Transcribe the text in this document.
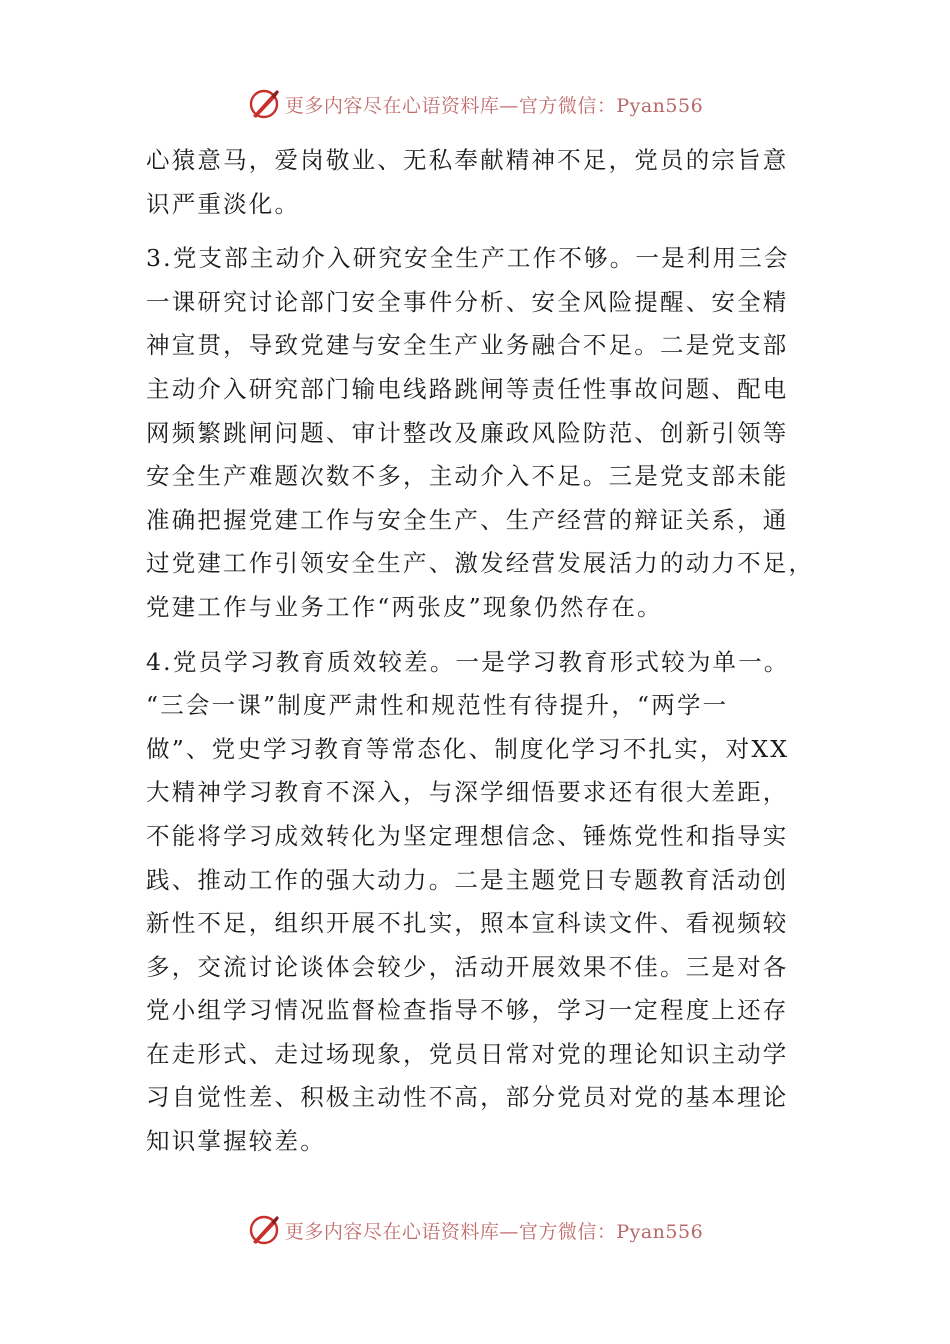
更多内容尽在心语资料库—官方微信：Pyan556

心猿意马，爱岗敬业、无私奉献精神不足，党员的宗旨意
识严重淡化。

3.党支部主动介入研究安全生产工作不够。一是利用三会
一课研究讨论部门安全事件分析、安全风险提醒、安全精
神宣贯，导致党建与安全生产业务融合不足。二是党支部
主动介入研究部门输电线路跳闸等责任性事故问题、配电
网频繁跳闸问题、审计整改及廉政风险防范、创新引领等
安全生产难题次数不多，主动介入不足。三是党支部未能
准确把握党建工作与安全生产、生产经营的辩证关系，通
过党建工作引领安全生产、激发经营发展活力的动力不足，
党建工作与业务工作“两张皮”现象仍然存在。

4.党员学习教育质效较差。一是学习教育形式较为单一。
“三会一课”制度严肃性和规范性有待提升，“两学一
做”、党史学习教育等常态化、制度化学习不扎实，对XX
大精神学习教育不深入，与深学细悟要求还有很大差距，
不能将学习成效转化为坚定理想信念、锤炼党性和指导实
践、推动工作的强大动力。二是主题党日专题教育活动创
新性不足，组织开展不扎实，照本宣科读文件、看视频较
多，交流讨论谈体会较少，活动开展效果不佳。三是对各
党小组学习情况监督检查指导不够，学习一定程度上还存
在走形式、走过场现象，党员日常对党的理论知识主动学
习自觉性差、积极主动性不高，部分党员对党的基本理论
知识掌握较差。

更多内容尽在心语资料库—官方微信：Pyan556
